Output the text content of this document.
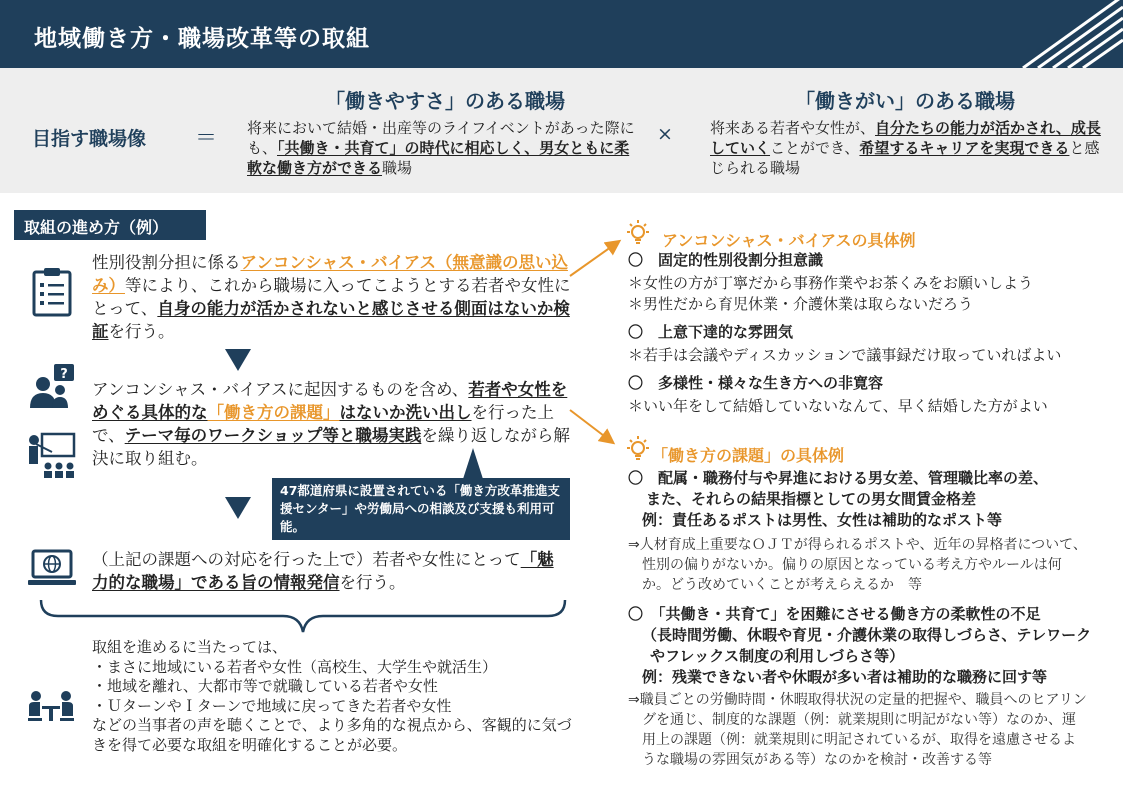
地域働き方・職場改革等の取組
目指す職場像 ＝
「働きやすさ」のある職場
将来において結婚・出産等のライフイベントがあった際にも、「共働き・共育て」の時代に相応しく、男女ともに柔軟な働き方ができる職場
×
「働きがい」のある職場
将来ある若者や女性が、自分たちの能力が活かされ、成長していくことができ、希望するキャリアを実現できると感じられる職場
取組の進め方（例）
性別役割分担に係るアンコンシャス・バイアス（無意識の思い込み）等により、これから職場に入ってこようとする若者や女性にとって、自身の能力が活かされないと感じさせる側面はないか検証を行う。
?
アンコンシャス・バイアスに起因するものを含め、若者や女性をめぐる具体的な「働き方の課題」はないか洗い出しを行った上で、テーマ毎のワークショップ等と職場実践を繰り返しながら解決に取り組む。
47都道府県に設置されている「働き方改革推進支援センター」や労働局への相談及び支援も利用可能。
（上記の課題への対応を行った上で）若者や女性にとって「魅力的な職場」である旨の情報発信を行う。
取組を進めるに当たっては、
・まさに地域にいる若者や女性（高校生、大学生や就活生）
・地域を離れ、大都市等で就職している若者や女性
・ＵターンやＩターンで地域に戻ってきた若者や女性
などの当事者の声を聴くことで、より多角的な視点から、客観的に気づきを得て必要な取組を明確化することが必要。
アンコンシャス・バイアスの具体例
〇　固定的性別役割分担意識
＊女性の方が丁寧だから事務作業やお茶くみをお願いしよう
＊男性だから育児休業・介護休業は取らないだろう
〇　上意下達的な雰囲気
＊若手は会議やディスカッションで議事録だけ取っていればよい
〇　多様性・様々な生き方への非寛容
＊いい年をして結婚していないなんて、早く結婚した方がよい
「働き方の課題」の具体例
〇　配属・職務付与や昇進における男女差、管理職比率の差、
また、それらの結果指標としての男女間賃金格差
例：責任あるポストは男性、女性は補助的なポスト等
⇒人材育成上重要なＯＪＴが得られるポストや、近年の昇格者について、性別の偏りがないか。偏りの原因となっている考え方やルールは何か。どう改めていくことが考えらえるか　等
〇　「共働き・共育て」を困難にさせる働き方の柔軟性の不足
（長時間労働、休暇や育児・介護休業の取得しづらさ、テレワークやフレックス制度の利用しづらさ等）
例：残業できない者や休暇が多い者は補助的な職務に回す等
⇒職員ごとの労働時間・休暇取得状況の定量的把握や、職員へのヒアリングを通じ、制度的な課題（例：就業規則に明記がない等）なのか、運用上の課題（例：就業規則に明記されているが、取得を遠慮させるような職場の雰囲気がある等）なのかを検討・改善する等
